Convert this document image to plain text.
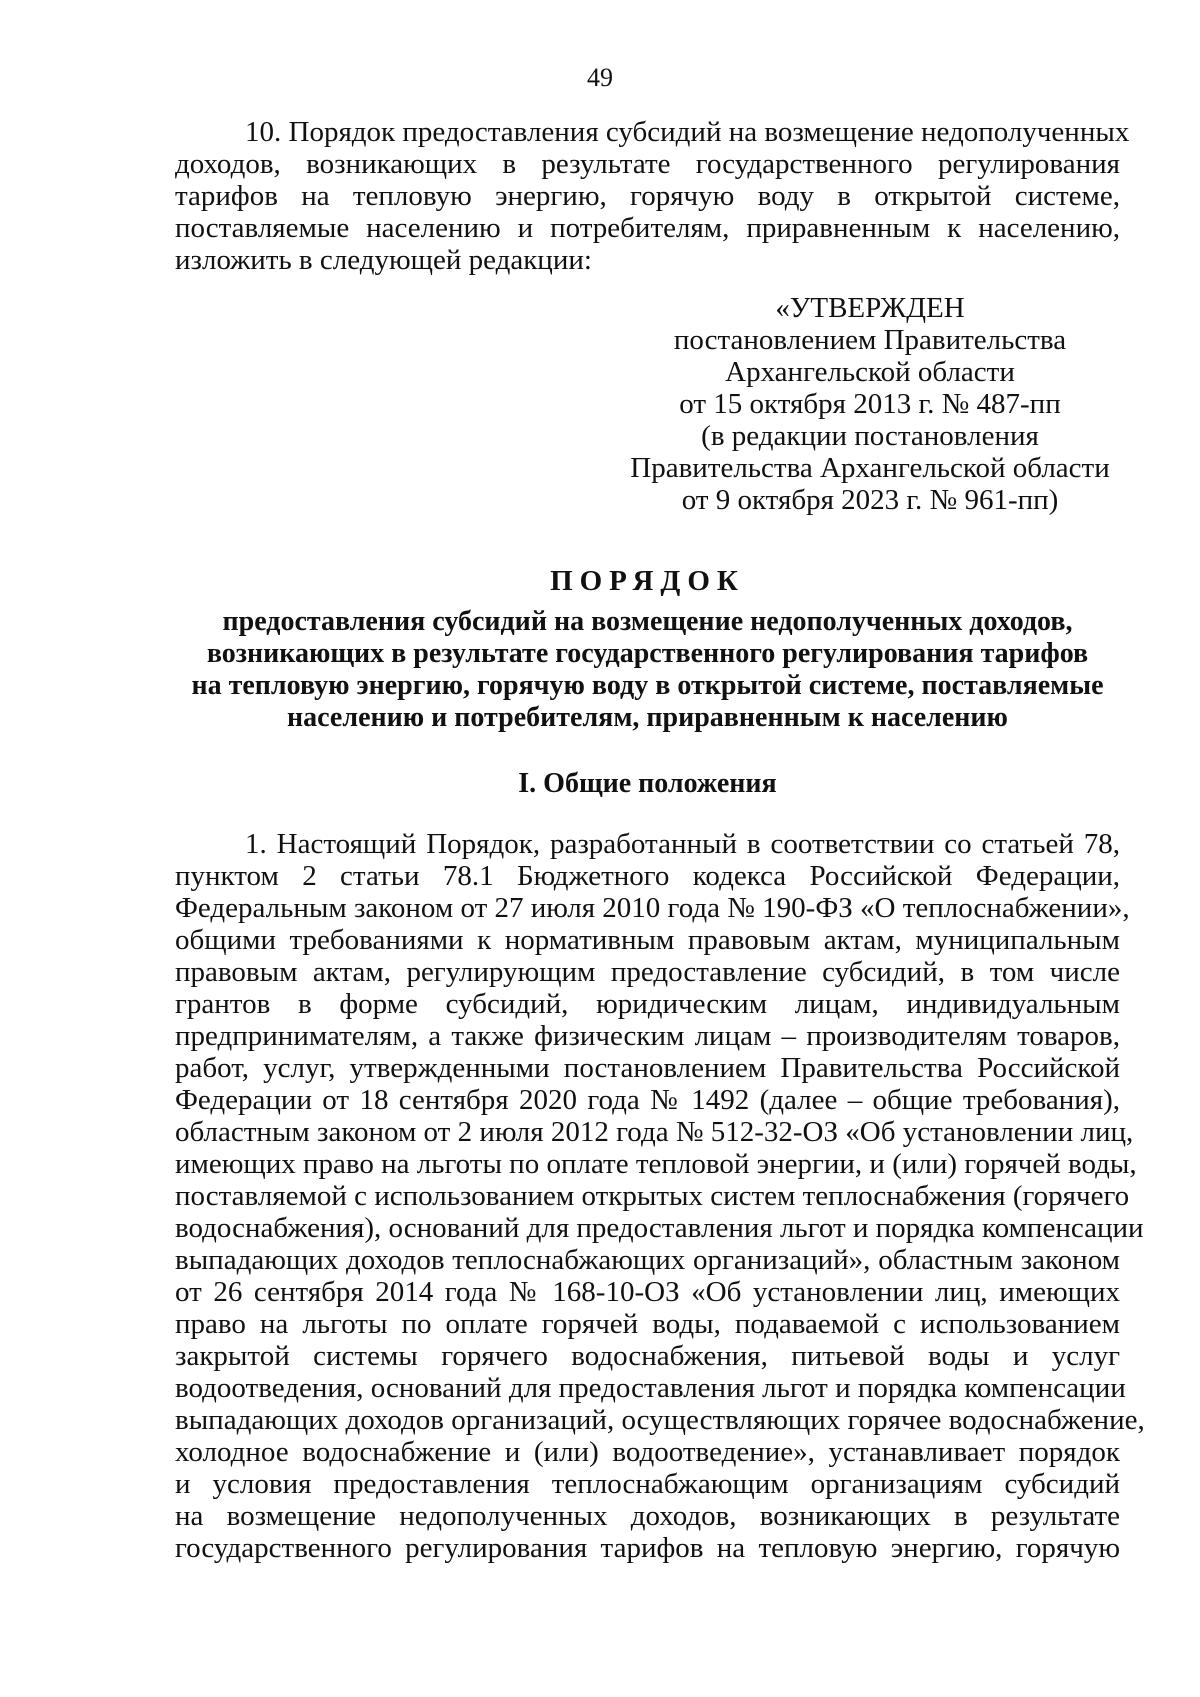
49
10. Порядок предоставления субсидий на возмещение недополученных
доходов, возникающих в результате государственного регулирования
тарифов на тепловую энергию, горячую воду в открытой системе,
поставляемые населению и потребителям, приравненным к населению,
изложить в следующей редакции:
«УТВЕРЖДЕН
постановлением Правительства
Архангельской области
от 15 октября 2013 г. № 487-пп
(в редакции постановления
Правительства Архангельской области
от 9 октября 2023 г. № 961-пп)
ПОРЯДОК
предоставления субсидий на возмещение недополученных доходов,
возникающих в результате государственного регулирования тарифов
на тепловую энергию, горячую воду в открытой системе, поставляемые
населению и потребителям, приравненным к населению
I. Общие положения
1. Настоящий Порядок, разработанный в соответствии со статьей 78,
пунктом 2 статьи 78.1 Бюджетного кодекса Российской Федерации,
Федеральным законом от 27 июля 2010 года № 190-ФЗ «О теплоснабжении»,
общими требованиями к нормативным правовым актам, муниципальным
правовым актам, регулирующим предоставление субсидий, в том числе
грантов в форме субсидий, юридическим лицам, индивидуальным
предпринимателям, а также физическим лицам – производителям товаров,
работ, услуг, утвержденными постановлением Правительства Российской
Федерации от 18 сентября 2020 года № 1492 (далее – общие требования),
областным законом от 2 июля 2012 года № 512-32-ОЗ «Об установлении лиц,
имеющих право на льготы по оплате тепловой энергии, и (или) горячей воды,
поставляемой с использованием открытых систем теплоснабжения (горячего
водоснабжения), оснований для предоставления льгот и порядка компенсации
выпадающих доходов теплоснабжающих организаций», областным законом
от 26 сентября 2014 года № 168-10-ОЗ «Об установлении лиц, имеющих
право на льготы по оплате горячей воды, подаваемой с использованием
закрытой системы горячего водоснабжения, питьевой воды и услуг
водоотведения, оснований для предоставления льгот и порядка компенсации
выпадающих доходов организаций, осуществляющих горячее водоснабжение,
холодное водоснабжение и (или) водоотведение», устанавливает порядок
и условия предоставления теплоснабжающим организациям субсидий
на возмещение недополученных доходов, возникающих в результате
государственного регулирования тарифов на тепловую энергию, горячую
